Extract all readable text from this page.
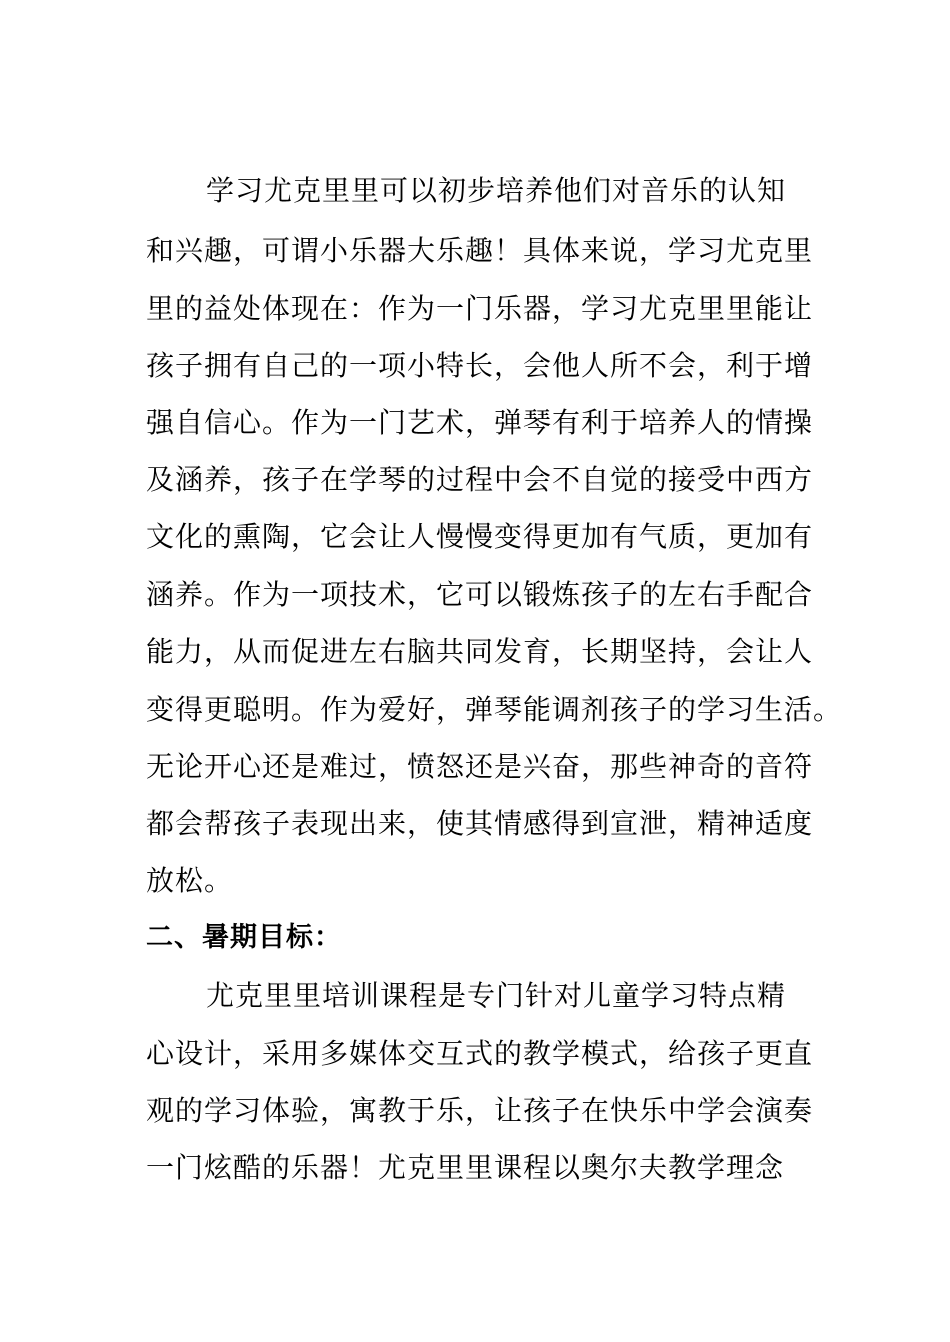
学习尤克里里可以初步培养他们对音乐的认知
和兴趣，可谓小乐器大乐趣！具体来说，学习尤克里
里的益处体现在：作为一门乐器，学习尤克里里能让
孩子拥有自己的一项小特长，会他人所不会，利于增
强自信心。作为一门艺术，弹琴有利于培养人的情操
及涵养，孩子在学琴的过程中会不自觉的接受中西方
文化的熏陶，它会让人慢慢变得更加有气质，更加有
涵养。作为一项技术，它可以锻炼孩子的左右手配合
能力，从而促进左右脑共同发育，长期坚持，会让人
变得更聪明。作为爱好，弹琴能调剂孩子的学习生活。
无论开心还是难过，愤怒还是兴奋，那些神奇的音符
都会帮孩子表现出来，使其情感得到宣泄，精神适度
放松。
二、暑期目标：
尤克里里培训课程是专门针对儿童学习特点精
心设计，采用多媒体交互式的教学模式，给孩子更直
观的学习体验，寓教于乐，让孩子在快乐中学会演奏
一门炫酷的乐器！尤克里里课程以奥尔夫教学理念
